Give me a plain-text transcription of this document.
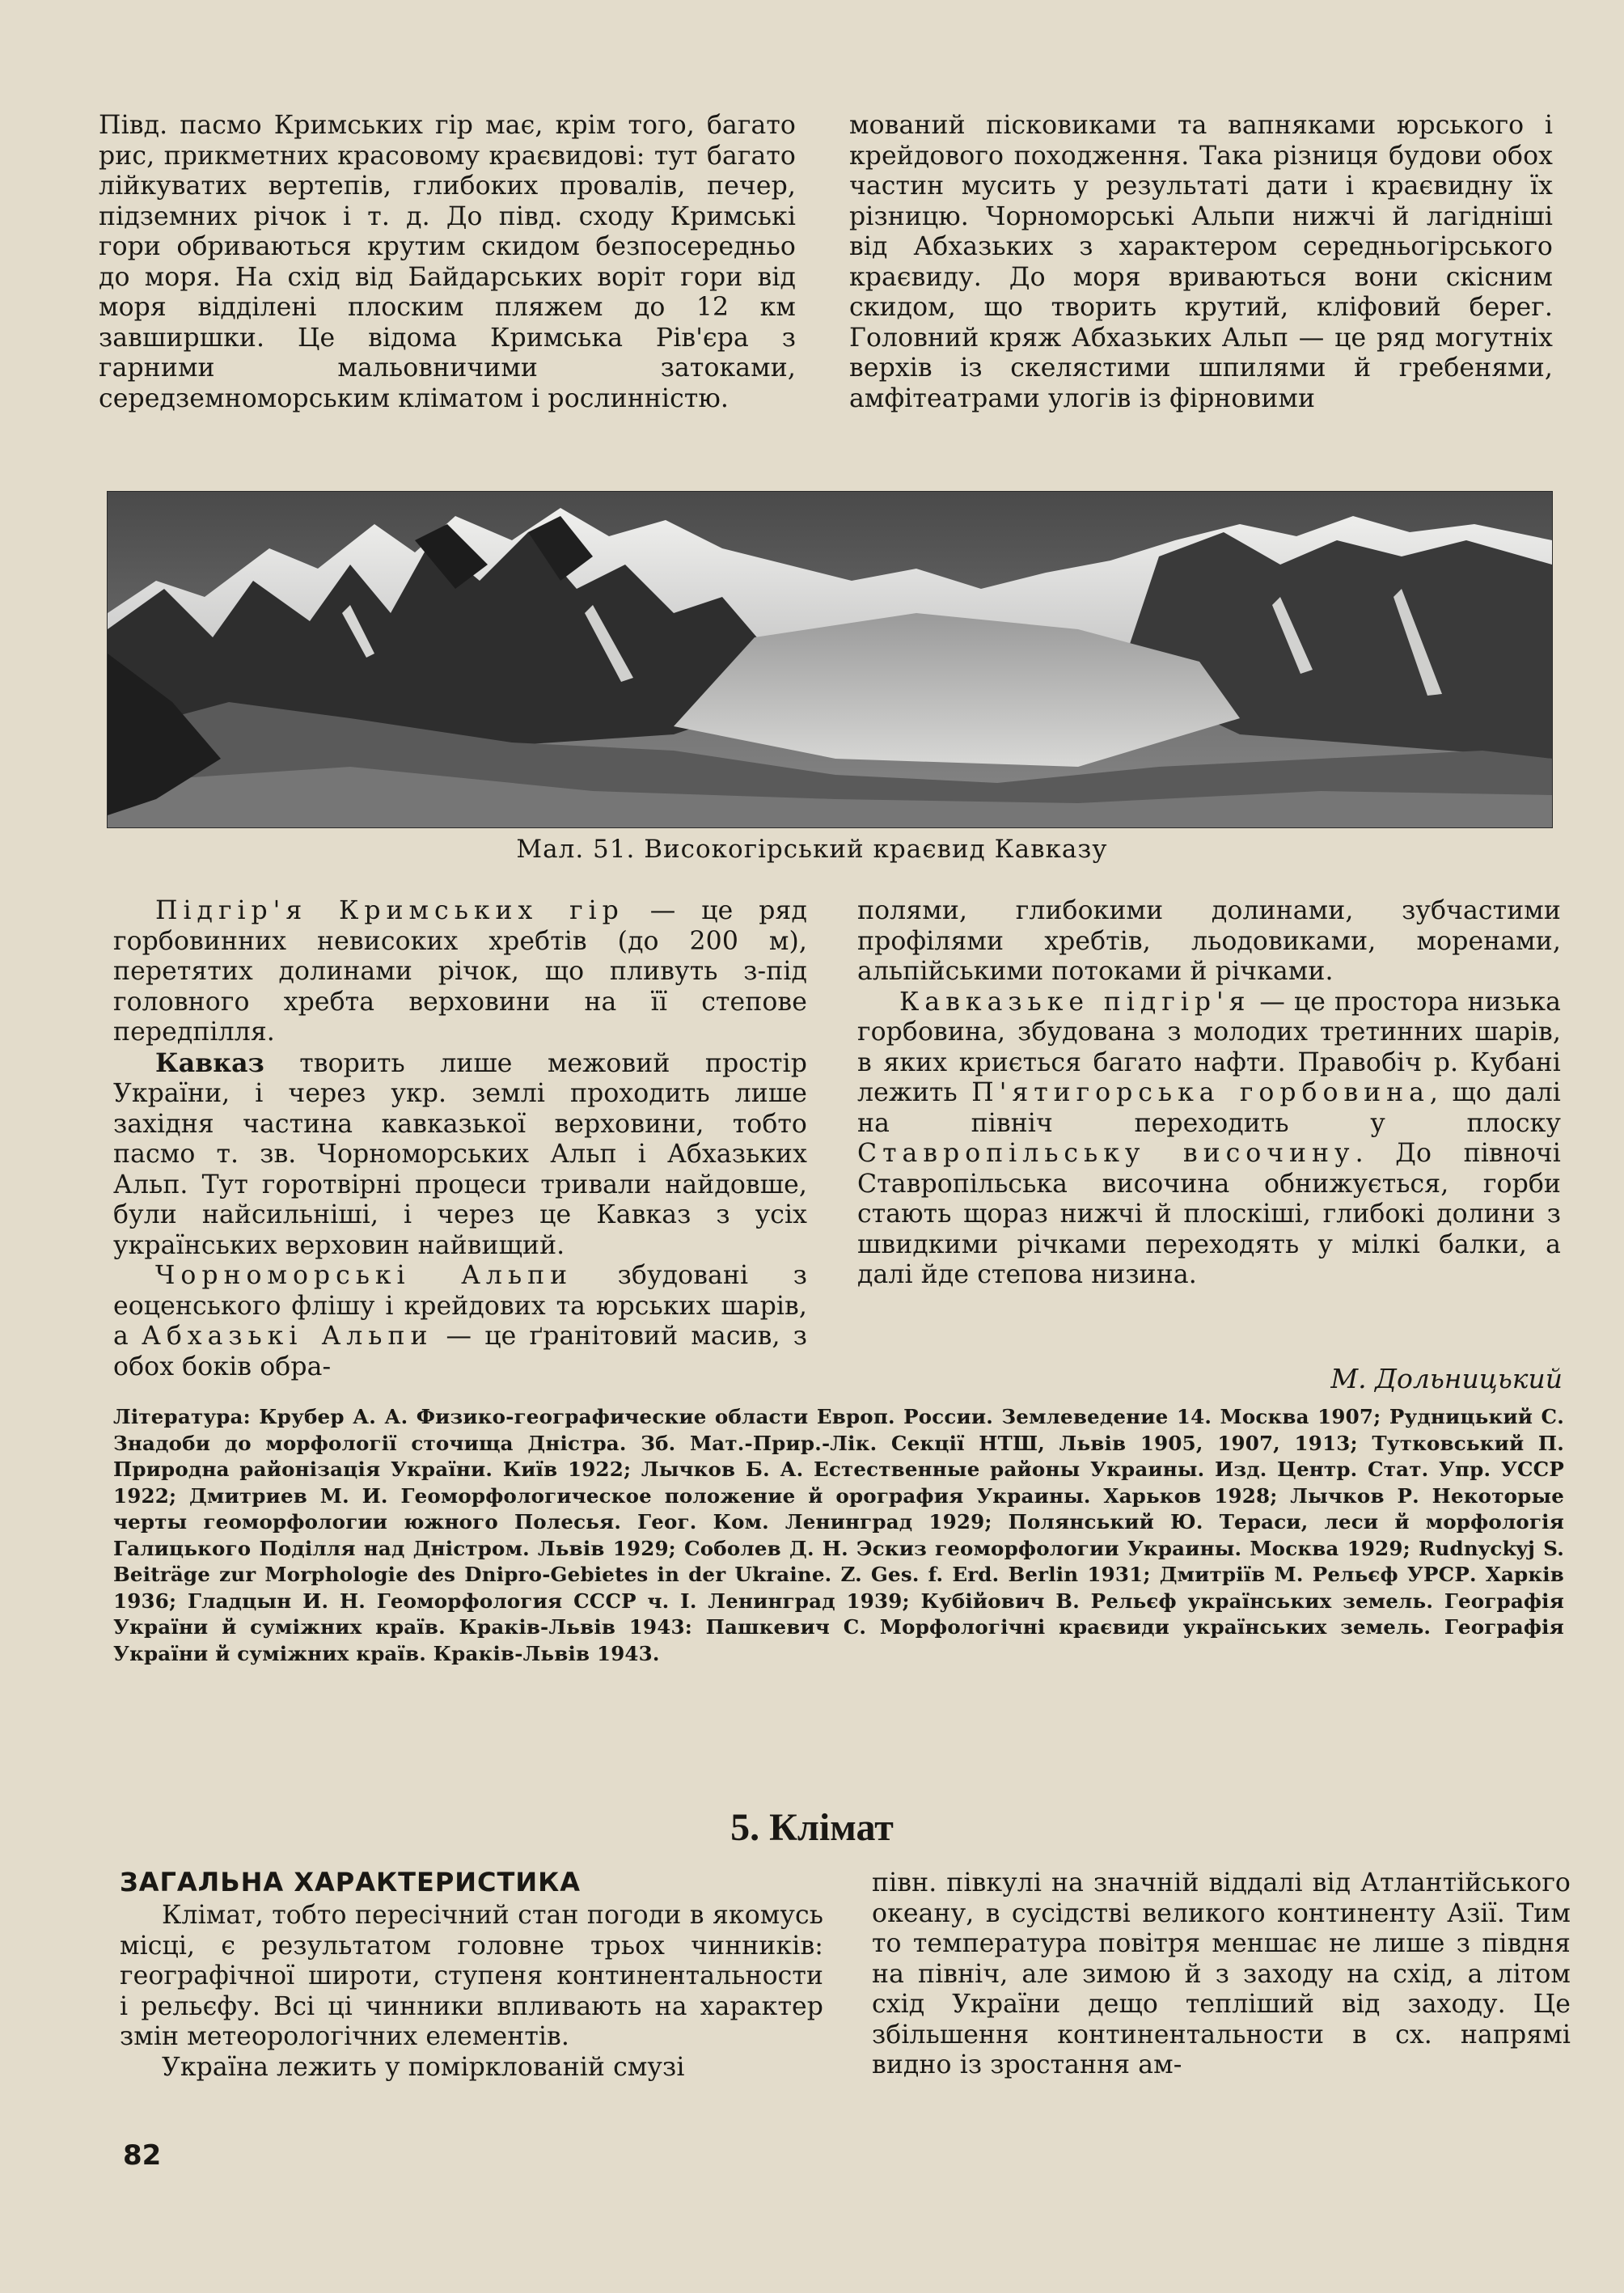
Півд. пасмо Кримських гір має, крім того, багато рис, прикметних красовому краєвидові: тут багато лійкуватих вертепів, глибоких провалів, печер, підземних річок і т. д. До півд. сходу Кримські гори обриваються крутим скидом безпосередньо до моря. На схід від Байдарських воріт гори від моря відділені плоским пляжем до 12 км завширшки. Це відома Кримська Рів'єра з гарними мальовничими затоками, середземноморським кліматом і рослинністю.

мований пісковиками та вапняками юрського і крейдового походження. Така різниця будови обох частин мусить у результаті дати і краєвидну їх різницю. Чорноморські Альпи нижчі й лагідніші від Абхазьких з характером середньогірського краєвиду. До моря вриваються вони скісним скидом, що творить крутий, кліфовий берег. Головний кряж Абхазьких Альп — це ряд могутніх верхів із скелястими шпилями й гребенями, амфітеатрами улогів із фірновими

Мал. 51. Високогірський краєвид Кавказу

Підгір'я Кримських гір — це ряд горбовинних невисоких хребтів (до 200 м), перетятих долинами річок, що пливуть з-під головного хребта верховини на її степове передпілля.

Кавказ творить лише межовий простір України, і через укр. землі проходить лише західня частина кавказької верховини, тобто пасмо т. зв. Чорноморських Альп і Абхазьких Альп. Тут горотвірні процеси тривали найдовше, були найсильніші, і через це Кавказ з усіх українських верховин найвищий.

Чорноморські Альпи збудовані з еоценського флішу і крейдових та юрських шарів, а Абхазькі Альпи — це ґранітовий масив, з обох боків обра-

полями, глибокими долинами, зубчастими профілями хребтів, льодовиками, моренами, альпійськими потоками й річками.

Кавказьке підгір'я — це простора низька горбовина, збудована з молодих третинних шарів, в яких криється багато нафти. Правобіч р. Кубані лежить П'ятигорська горбовина, що далі на північ переходить у плоску Ставропільську височину. До півночі Ставропільська височина обнижується, горби стають щораз нижчі й плоскіші, глибокі долини з швидкими річками переходять у мілкі балки, а далі йде степова низина.

М. Дольницький
Література: Крубер А. А. Физико-географические области Европ. России. Землеведение 14. Москва 1907; Рудницький С. Знадоби до морфології сточища Дністра. Зб. Мат.-Прир.-Лік. Секції НТШ, Львів 1905, 1907, 1913; Тутковський П. Природна районізація України. Київ 1922; Лычков Б. А. Естественные районы Украины. Изд. Центр. Стат. Упр. УССР 1922; Дмитриев М. И. Геоморфологическое положение й орография Украины. Харьков 1928; Лычков Р. Некоторые черты геоморфологии южного Полесья. Геог. Ком. Ленинград 1929; Полянський Ю. Тераси, леси й морфологія Галицького Поділля над Дністром. Львів 1929; Соболев Д. Н. Эскиз геоморфологии Украины. Москва 1929; Rudnyckyj S. Beiträge zur Morphologie des Dnipro-Gebietes in der Ukraine. Z. Ges. f. Erd. Berlin 1931; Дмитріїв М. Рельєф УРСР. Харків 1936; Гладцын И. Н. Геоморфология СССР ч. І. Ленинград 1939; Кубійович В. Рельєф українських земель. Географія України й суміжних країв. Краків-Львів 1943: Пашкевич С. Морфологічні краєвиди українських земель. Географія України й суміжних країв. Краків-Львів 1943.
5. Клімат
ЗАГАЛЬНА ХАРАКТЕРИСТИКА

Клімат, тобто пересічний стан погоди в якомусь місці, є результатом головне трьох чинників: географічної широти, ступеня континентальности і рельєфу. Всі ці чинники впливають на характер змін метеорологічних елементів.

Україна лежить у помірклованій смузі

півн. півкулі на значній віддалі від Атлантійського океану, в сусідстві великого континенту Азії. Тим то температура повітря меншає не лише з півдня на північ, але зимою й з заходу на схід, а літом схід України дещо тепліший від заходу. Це збільшення континентальности в сх. напрямі видно із зростання ам-

82
